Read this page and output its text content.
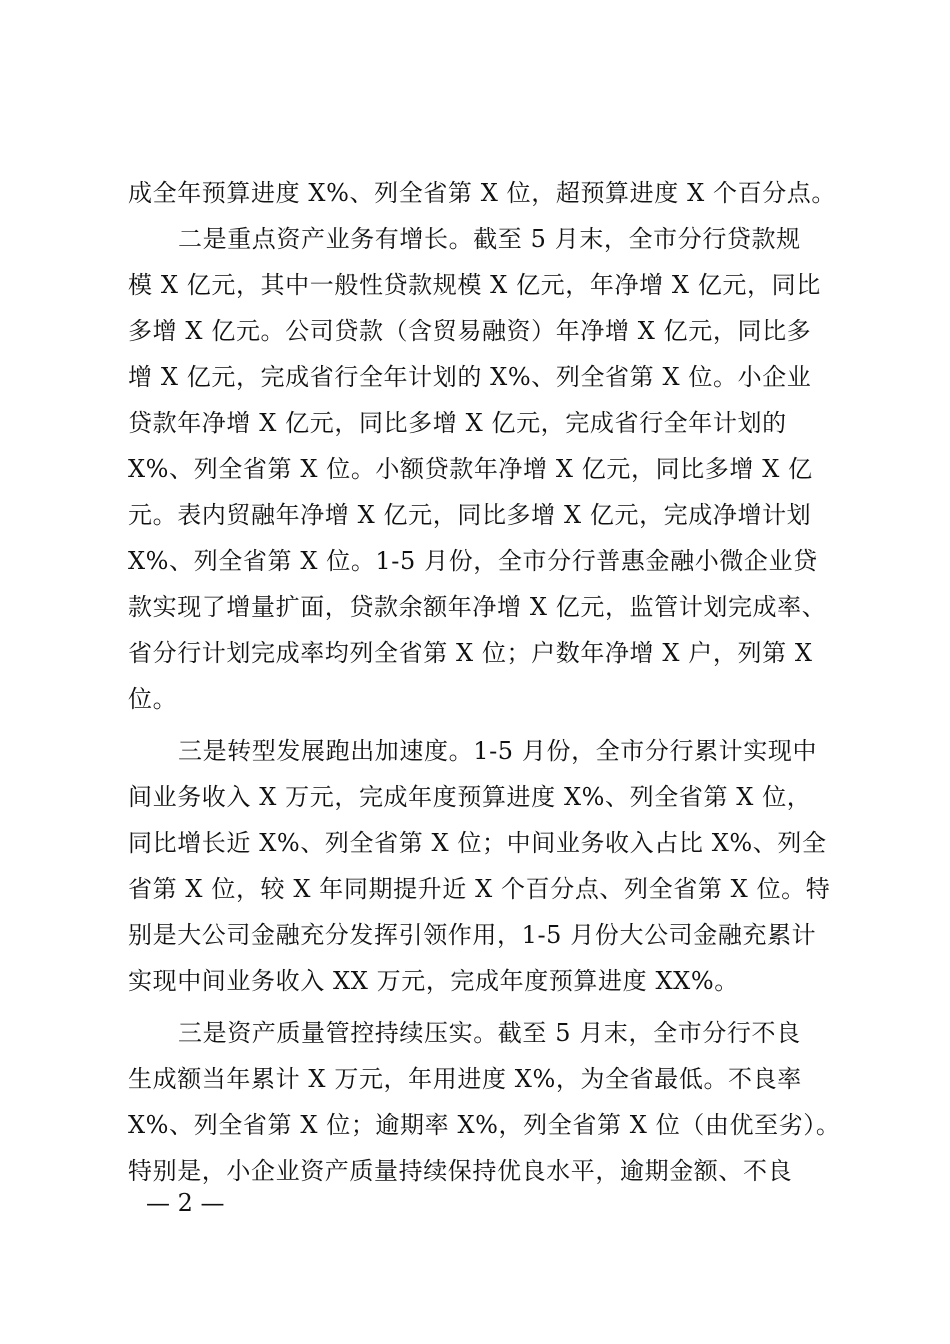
成全年预算进度 X%、列全省第 X 位，超预算进度 X 个百分点。
二是重点资产业务有增长。截至 5 月末，全市分行贷款规
模 X 亿元，其中一般性贷款规模 X 亿元，年净增 X 亿元，同比
多增 X 亿元。公司贷款（含贸易融资）年净增 X 亿元，同比多
增 X 亿元，完成省行全年计划的 X%、列全省第 X 位。小企业
贷款年净增 X 亿元，同比多增 X 亿元，完成省行全年计划的
X%、列全省第 X 位。小额贷款年净增 X 亿元，同比多增 X 亿
元。表内贸融年净增 X 亿元，同比多增 X 亿元，完成净增计划
X%、列全省第 X 位。1-5 月份，全市分行普惠金融小微企业贷
款实现了增量扩面，贷款余额年净增 X 亿元，监管计划完成率、
省分行计划完成率均列全省第 X 位；户数年净增 X 户，列第 X
位。
三是转型发展跑出加速度。1-5 月份，全市分行累计实现中
间业务收入 X 万元，完成年度预算进度 X%、列全省第 X 位，
同比增长近 X%、列全省第 X 位；中间业务收入占比 X%、列全
省第 X 位，较 X 年同期提升近 X 个百分点、列全省第 X 位。特
别是大公司金融充分发挥引领作用，1-5 月份大公司金融充累计
实现中间业务收入 XX 万元，完成年度预算进度 XX%。
三是资产质量管控持续压实。截至 5 月末，全市分行不良
生成额当年累计 X 万元，年用进度 X%，为全省最低。不良率
X%、列全省第 X 位；逾期率 X%，列全省第 X 位（由优至劣）。
特别是，小企业资产质量持续保持优良水平，逾期金额、不良
— 2 —
